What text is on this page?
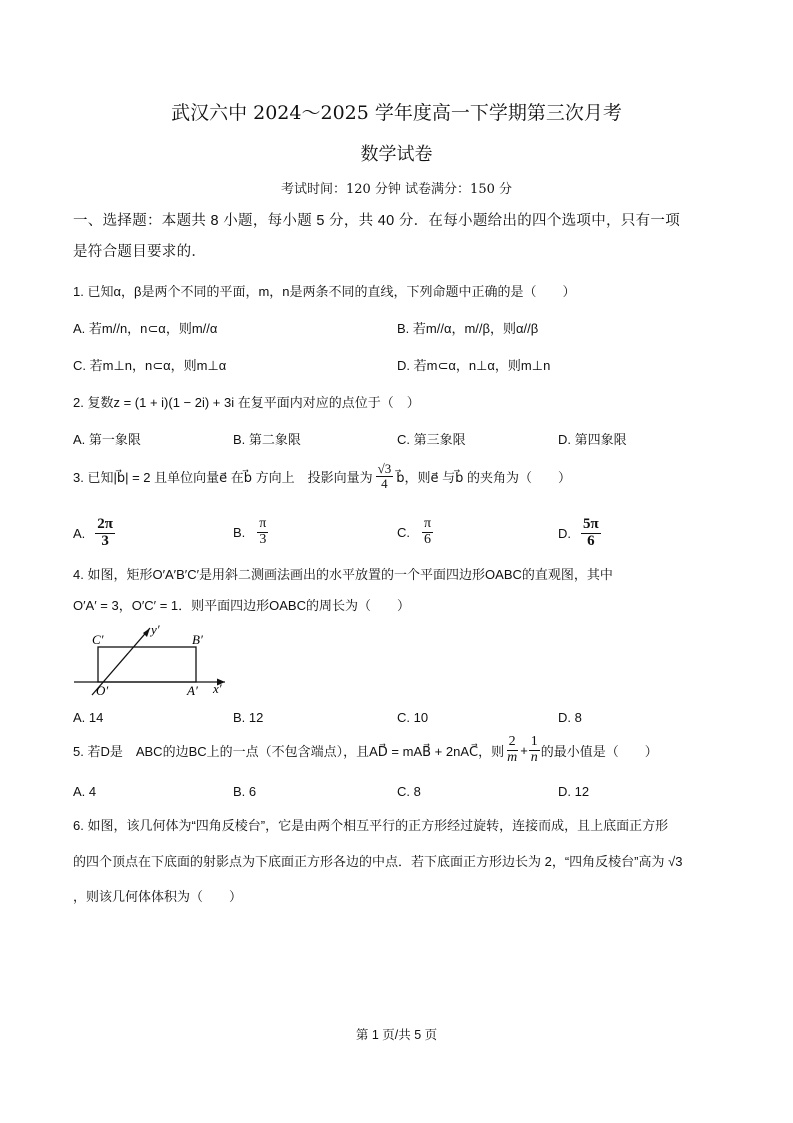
武汉六中 2024～2025 学年度高一下学期第三次月考
数学试卷
考试时间：120 分钟 试卷满分：150 分
一、选择题：本题共 8 小题，每小题 5 分，共 40 分．在每小题给出的四个选项中，只有一项
是符合题目要求的．
1. 已知α，β是两个不同的平面，m，n是两条不同的直线，下列命题中正确的是（　　）
A. 若m//n，n⊂α，则m//α	B. 若m//α，m//β，则α//β
C. 若m⊥n，n⊂α，则m⊥α	D. 若m⊂α，n⊥α，则m⊥n
2. 复数z = (1 + i)(1 − 2i) + 3i 在复平面内对应的点位于（　）
A. 第一象限	B. 第二象限	C. 第三象限	D. 第四象限
3. 已知|b⃗| = 2 且单位向量e⃗ 在b⃗ 方向上　投影向量为 $\frac{√3}{4}$ b⃗，则e⃗ 与b⃗ 的夹角为（　　）
A. $\frac{2\pi}{3}$	B. $\frac{\pi}{3}$	C. $\frac{\pi}{6}$	D. $\frac{5\pi}{6}$
4. 如图，矩形O′A′B′C′是用斜二测画法画出的水平放置的一个平面四边形OABC的直观图，其中
O′A′ = 3，O′C′ = 1．则平面四边形OABC的周长为（　　）
C′	B′
O′	A′
y′
x′
A. 14	B. 12	C. 10	D. 8
5. 若D是　ABC的边BC上的一点（不包含端点），且AD⃗ = mAB⃗ + 2nAC⃗，则 $\frac{2}{m} + \frac{1}{n}$ 的最小值是（　　）
A. 4	B. 6	C. 8	D. 12
6. 如图，该几何体为“四角反棱台”，它是由两个相互平行的正方形经过旋转，连接而成，且上底面正方形
的四个顶点在下底面的射影点为下底面正方形各边的中点．若下底面正方形边长为 2，“四角反棱台”高为 √3
，则该几何体体积为（　　）
第 1 页/共 5 页
